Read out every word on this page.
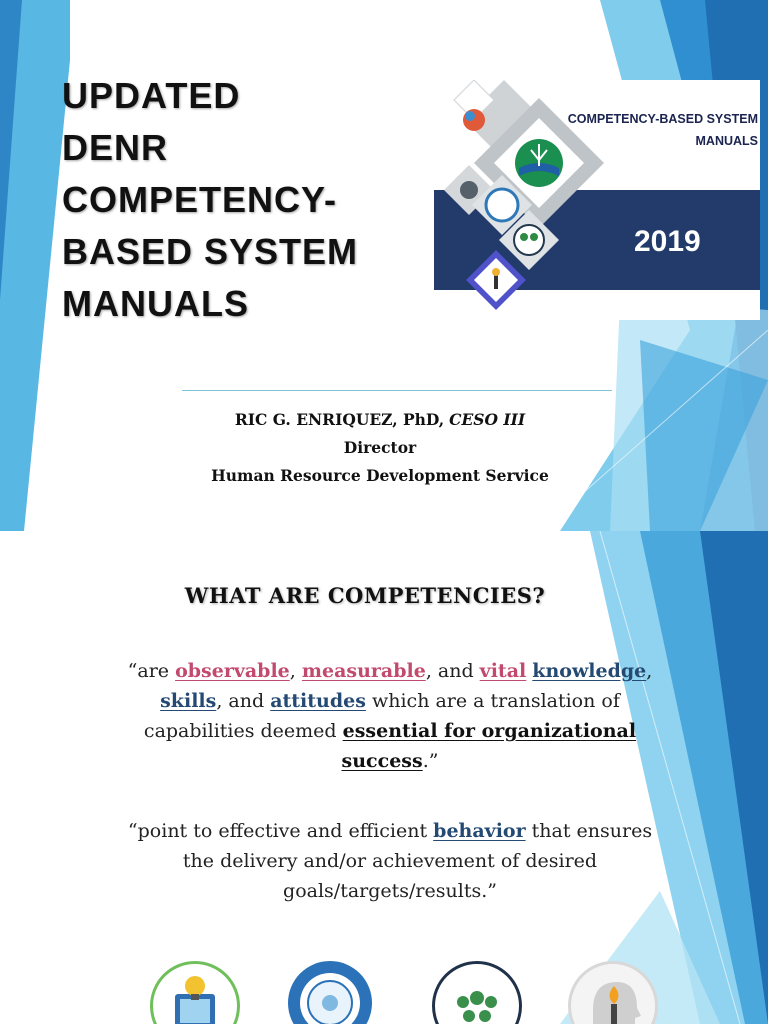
UPDATED
DENR
COMPETENCY-
BASED SYSTEM
MANUALS
COMPETENCY-BASED SYSTEM
MANUALS
2019
RIC G. ENRIQUEZ, PhD, CESO III
Director
Human Resource Development Service
WHAT ARE COMPETENCIES?

“are observable, measurable, and vital knowledge, skills, and attitudes which are a translation of capabilities deemed essential for organizational success.”

“point to effective and efficient behavior that ensures the delivery and/or achievement of desired goals/targets/results.”
